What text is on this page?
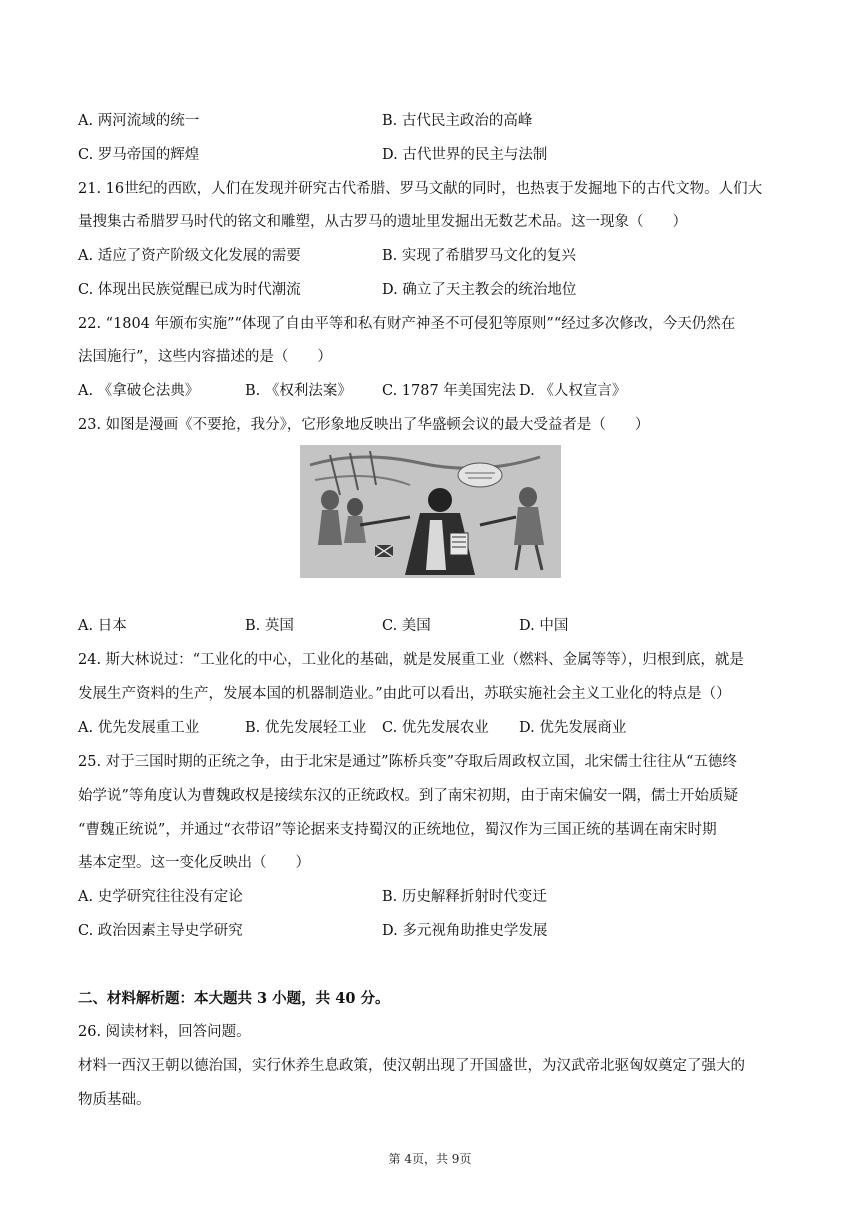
A. 两河流域的统一	B. 古代民主政治的高峰
C. 罗马帝国的辉煌	D. 古代世界的民主与法制
21. 16世纪的西欧，人们在发现并研究古代希腊、罗马文献的同时，也热衷于发掘地下的古代文物。人们大
量搜集古希腊罗马时代的铭文和雕塑，从古罗马的遗址里发掘出无数艺术品。这一现象（　　）
A. 适应了资产阶级文化发展的需要	B. 实现了希腊罗马文化的复兴
C. 体现出民族觉醒已成为时代潮流	D. 确立了天主教会的统治地位
22. “1804 年颁布实施”“体现了自由平等和私有财产神圣不可侵犯等原则”“经过多次修改，今天仍然在
法国施行”，这些内容描述的是（　　）
A. 《拿破仑法典》	B. 《权利法案》 C. 1787 年美国宪法 D. 《人权宣言》
23. 如图是漫画《不要抢，我分》，它形象地反映出了华盛顿会议的最大受益者是（　　）
A. 日本	B. 英国	C. 美国	D. 中国
24. 斯大林说过：“工业化的中心，工业化的基础，就是发展重工业（燃料、金属等等），归根到底，就是
发展生产资料的生产，发展本国的机器制造业。”由此可以看出，苏联实施社会主义工业化的特点是（）
A. 优先发展重工业	B. 优先发展轻工业 C. 优先发展农业 D. 优先发展商业
25. 对于三国时期的正统之争，由于北宋是通过”陈桥兵变”夺取后周政权立国，北宋儒士往往从“五德终
始学说”等角度认为曹魏政权是接续东汉的正统政权。到了南宋初期，由于南宋偏安一隅，儒士开始质疑
“曹魏正统说”，并通过“衣带诏”等论据来支持蜀汉的正统地位，蜀汉作为三国正统的基调在南宋时期
基本定型。这一变化反映出（　　）
A. 史学研究往往没有定论	B. 历史解释折射时代变迁
C. 政治因素主导史学研究	D. 多元视角助推史学发展
二、材料解析题：本大题共 3 小题，共 40 分。
26. 阅读材料，回答问题。
材料一西汉王朝以德治国，实行休养生息政策，使汉朝出现了开国盛世，为汉武帝北驱匈奴奠定了强大的
物质基础。
第 4页，共 9页
